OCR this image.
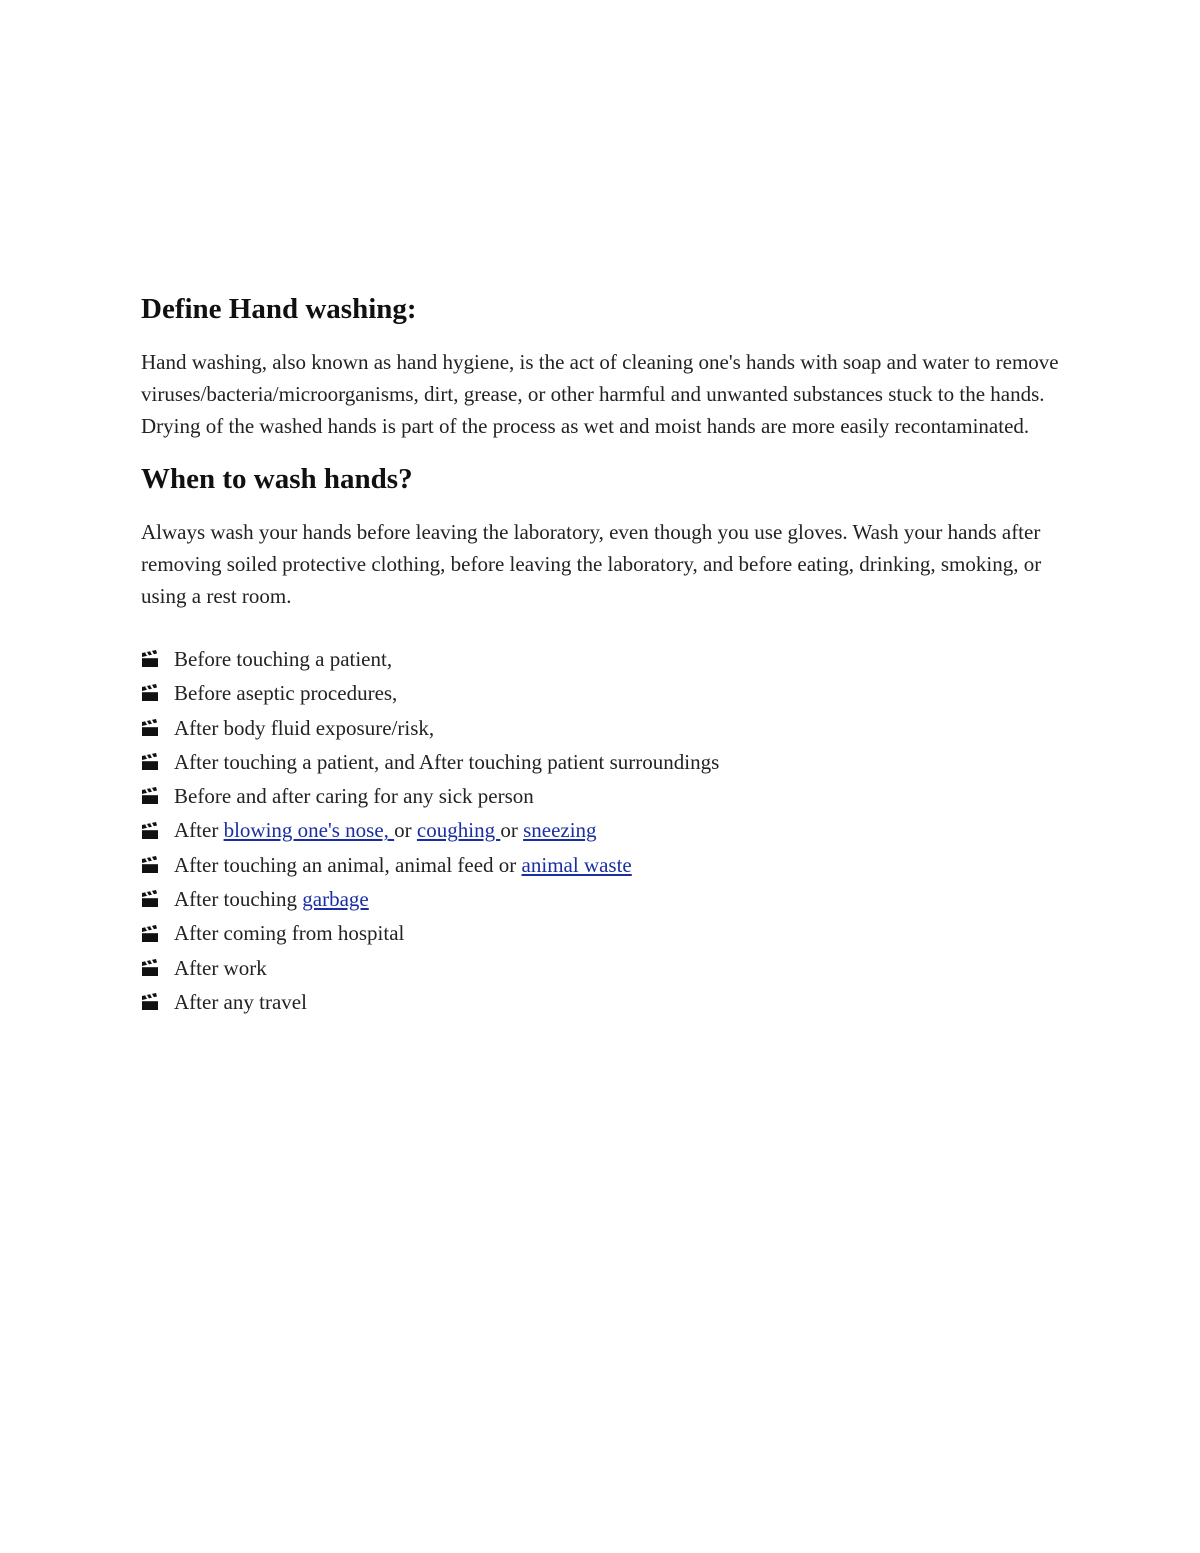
Define Hand washing:

Hand washing, also known as hand hygiene, is the act of cleaning one's hands with soap and water to remove viruses/bacteria/microorganisms, dirt, grease, or other harmful and unwanted substances stuck to the hands. Drying of the washed hands is part of the process as wet and moist hands are more easily recontaminated.

When to wash hands?

Always wash your hands before leaving the laboratory, even though you use gloves. Wash your hands after removing soiled protective clothing, before leaving the laboratory, and before eating, drinking, smoking, or using a rest room.

Before touching a patient,
Before aseptic procedures,
After body fluid exposure/risk,
After touching a patient, and After touching patient surroundings
Before and after caring for any sick person
After blowing one's nose, or coughing or sneezing
After touching an animal, animal feed or animal waste
After touching garbage
After coming from hospital
After work
After any travel
